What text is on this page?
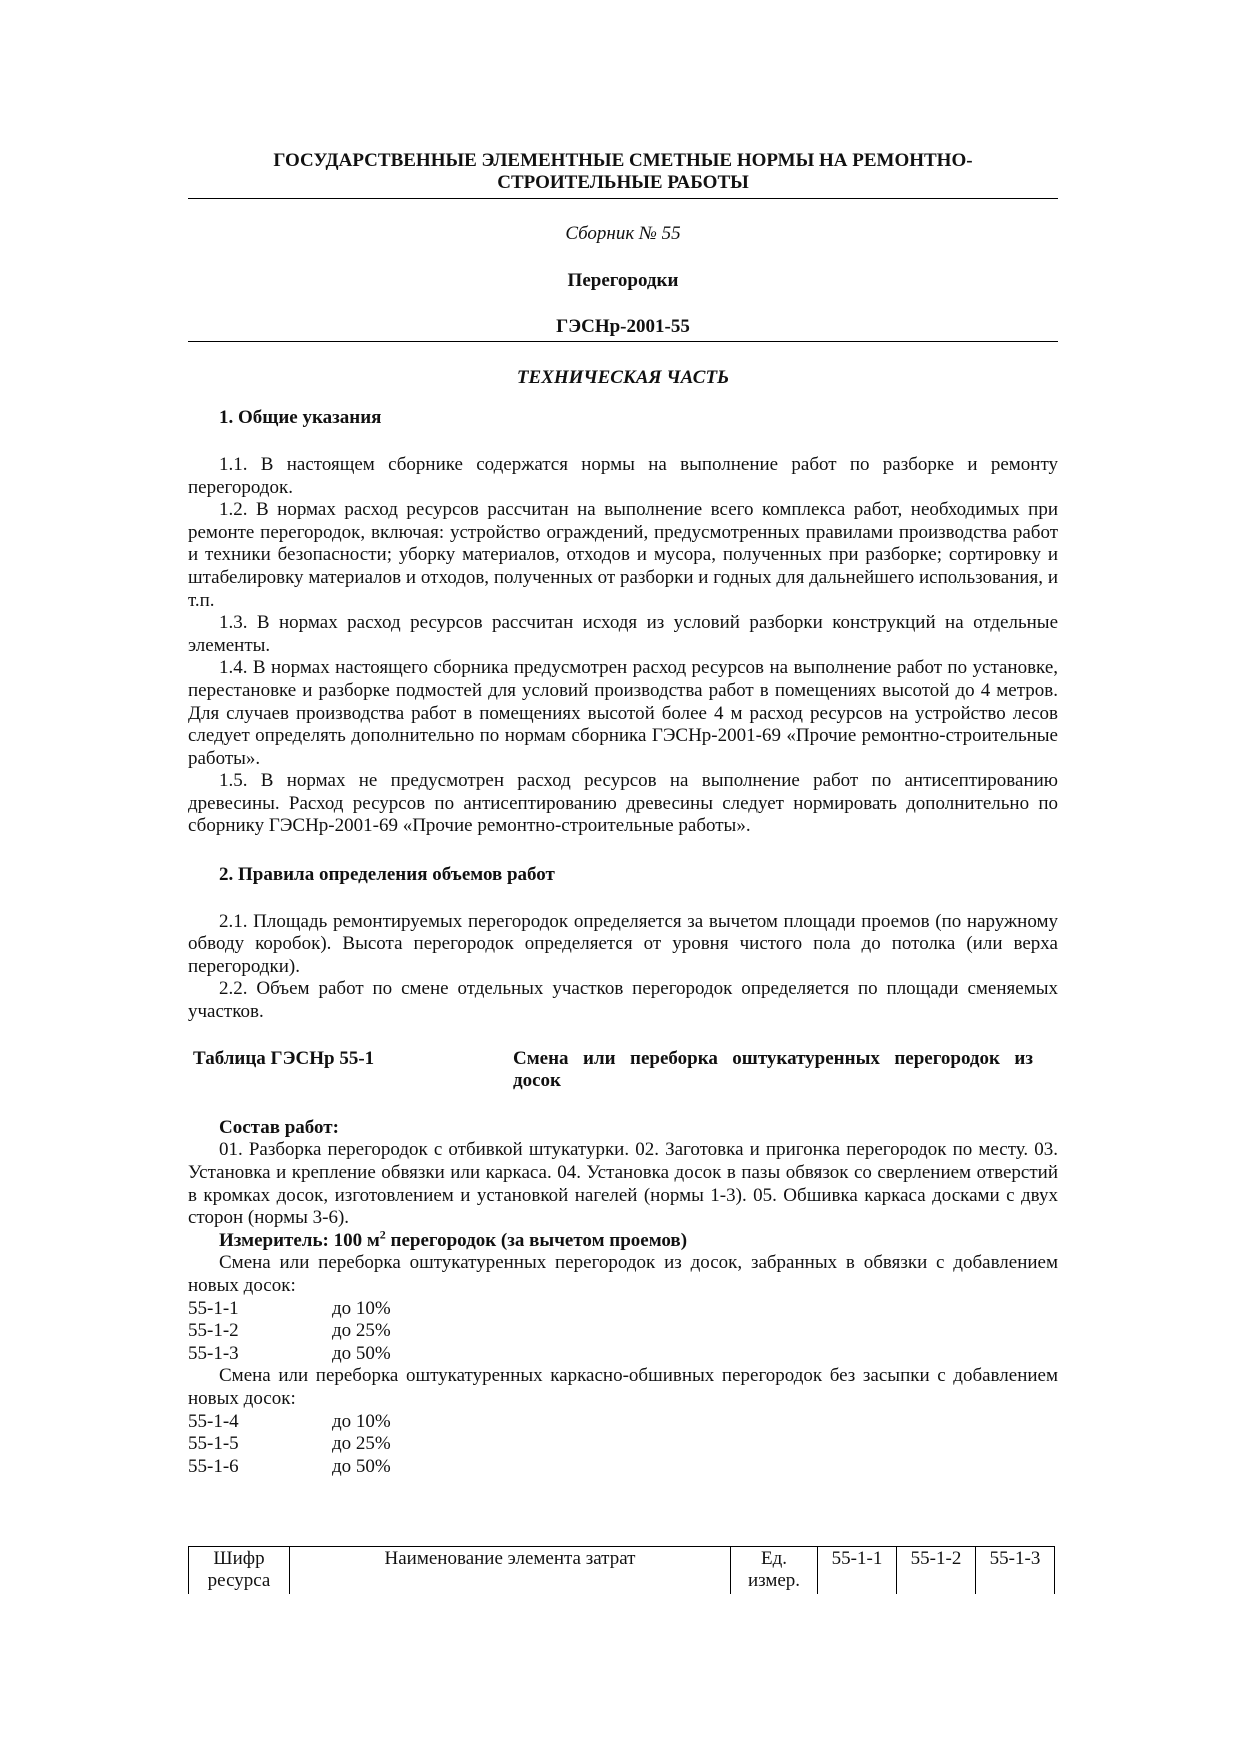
ГОСУДАРСТВЕННЫЕ ЭЛЕМЕНТНЫЕ СМЕТНЫЕ НОРМЫ НА РЕМОНТНО-СТРОИТЕЛЬНЫЕ РАБОТЫ
Сборник № 55
Перегородки
ГЭСНр-2001-55
ТЕХНИЧЕСКАЯ ЧАСТЬ
1. Общие указания

1.1. В настоящем сборнике содержатся нормы на выполнение работ по разборке и ремонту перегородок.

1.2. В нормах расход ресурсов рассчитан на выполнение всего комплекса работ, необходимых при ремонте перегородок, включая: устройство ограждений, предусмотренных правилами производства работ и техники безопасности; уборку материалов, отходов и мусора, полученных при разборке; сортировку и штабелировку материалов и отходов, полученных от разборки и годных для дальнейшего использования, и т.п.

1.3. В нормах расход ресурсов рассчитан исходя из условий разборки конструкций на отдельные элементы.

1.4. В нормах настоящего сборника предусмотрен расход ресурсов на выполнение работ по установке, перестановке и разборке подмостей для условий производства работ в помещениях высотой до 4 метров. Для случаев производства работ в помещениях высотой более 4 м расход ресурсов на устройство лесов следует определять дополнительно по нормам сборника ГЭСНр-2001-69 «Прочие ремонтно-строительные работы».

1.5. В нормах не предусмотрен расход ресурсов на выполнение работ по антисептированию древесины. Расход ресурсов по антисептированию древесины следует нормировать дополнительно по сборнику ГЭСНр-2001-69 «Прочие ремонтно-строительные работы».

2. Правила определения объемов работ

2.1. Площадь ремонтируемых перегородок определяется за вычетом площади проемов (по наружному обводу коробок). Высота перегородок определяется от уровня чистого пола до потолка (или верха перегородки).

2.2. Объем работ по смене отдельных участков перегородок определяется по площади сменяемых участков.

Таблица ГЭСНр 55-1	Смена или переборка оштукатуренных перегородок из досок
Состав работ:

01. Разборка перегородок с отбивкой штукатурки. 02. Заготовка и пригонка перегородок по месту. 03. Установка и крепление обвязки или каркаса. 04. Установка досок в пазы обвязок со сверлением отверстий в кромках досок, изготовлением и установкой нагелей (нормы 1-3). 05. Обшивка каркаса досками с двух сторон (нормы 3-6).

Измеритель: 100 $м^2$ перегородок (за вычетом проемов)

Смена или переборка оштукатуренных перегородок из досок, забранных в обвязки с добавлением новых досок:

55-1-1	до 10%
55-1-2	до 25%
55-1-3	до 50%

Смена или переборка оштукатуренных каркасно-обшивных перегородок без засыпки с добавлением новых досок:

55-1-4	до 10%
55-1-5	до 25%
55-1-6	до 50%
Шифр ресурса	Наименование элемента затрат	Ед. измер.	55-1-1	55-1-2	55-1-3
